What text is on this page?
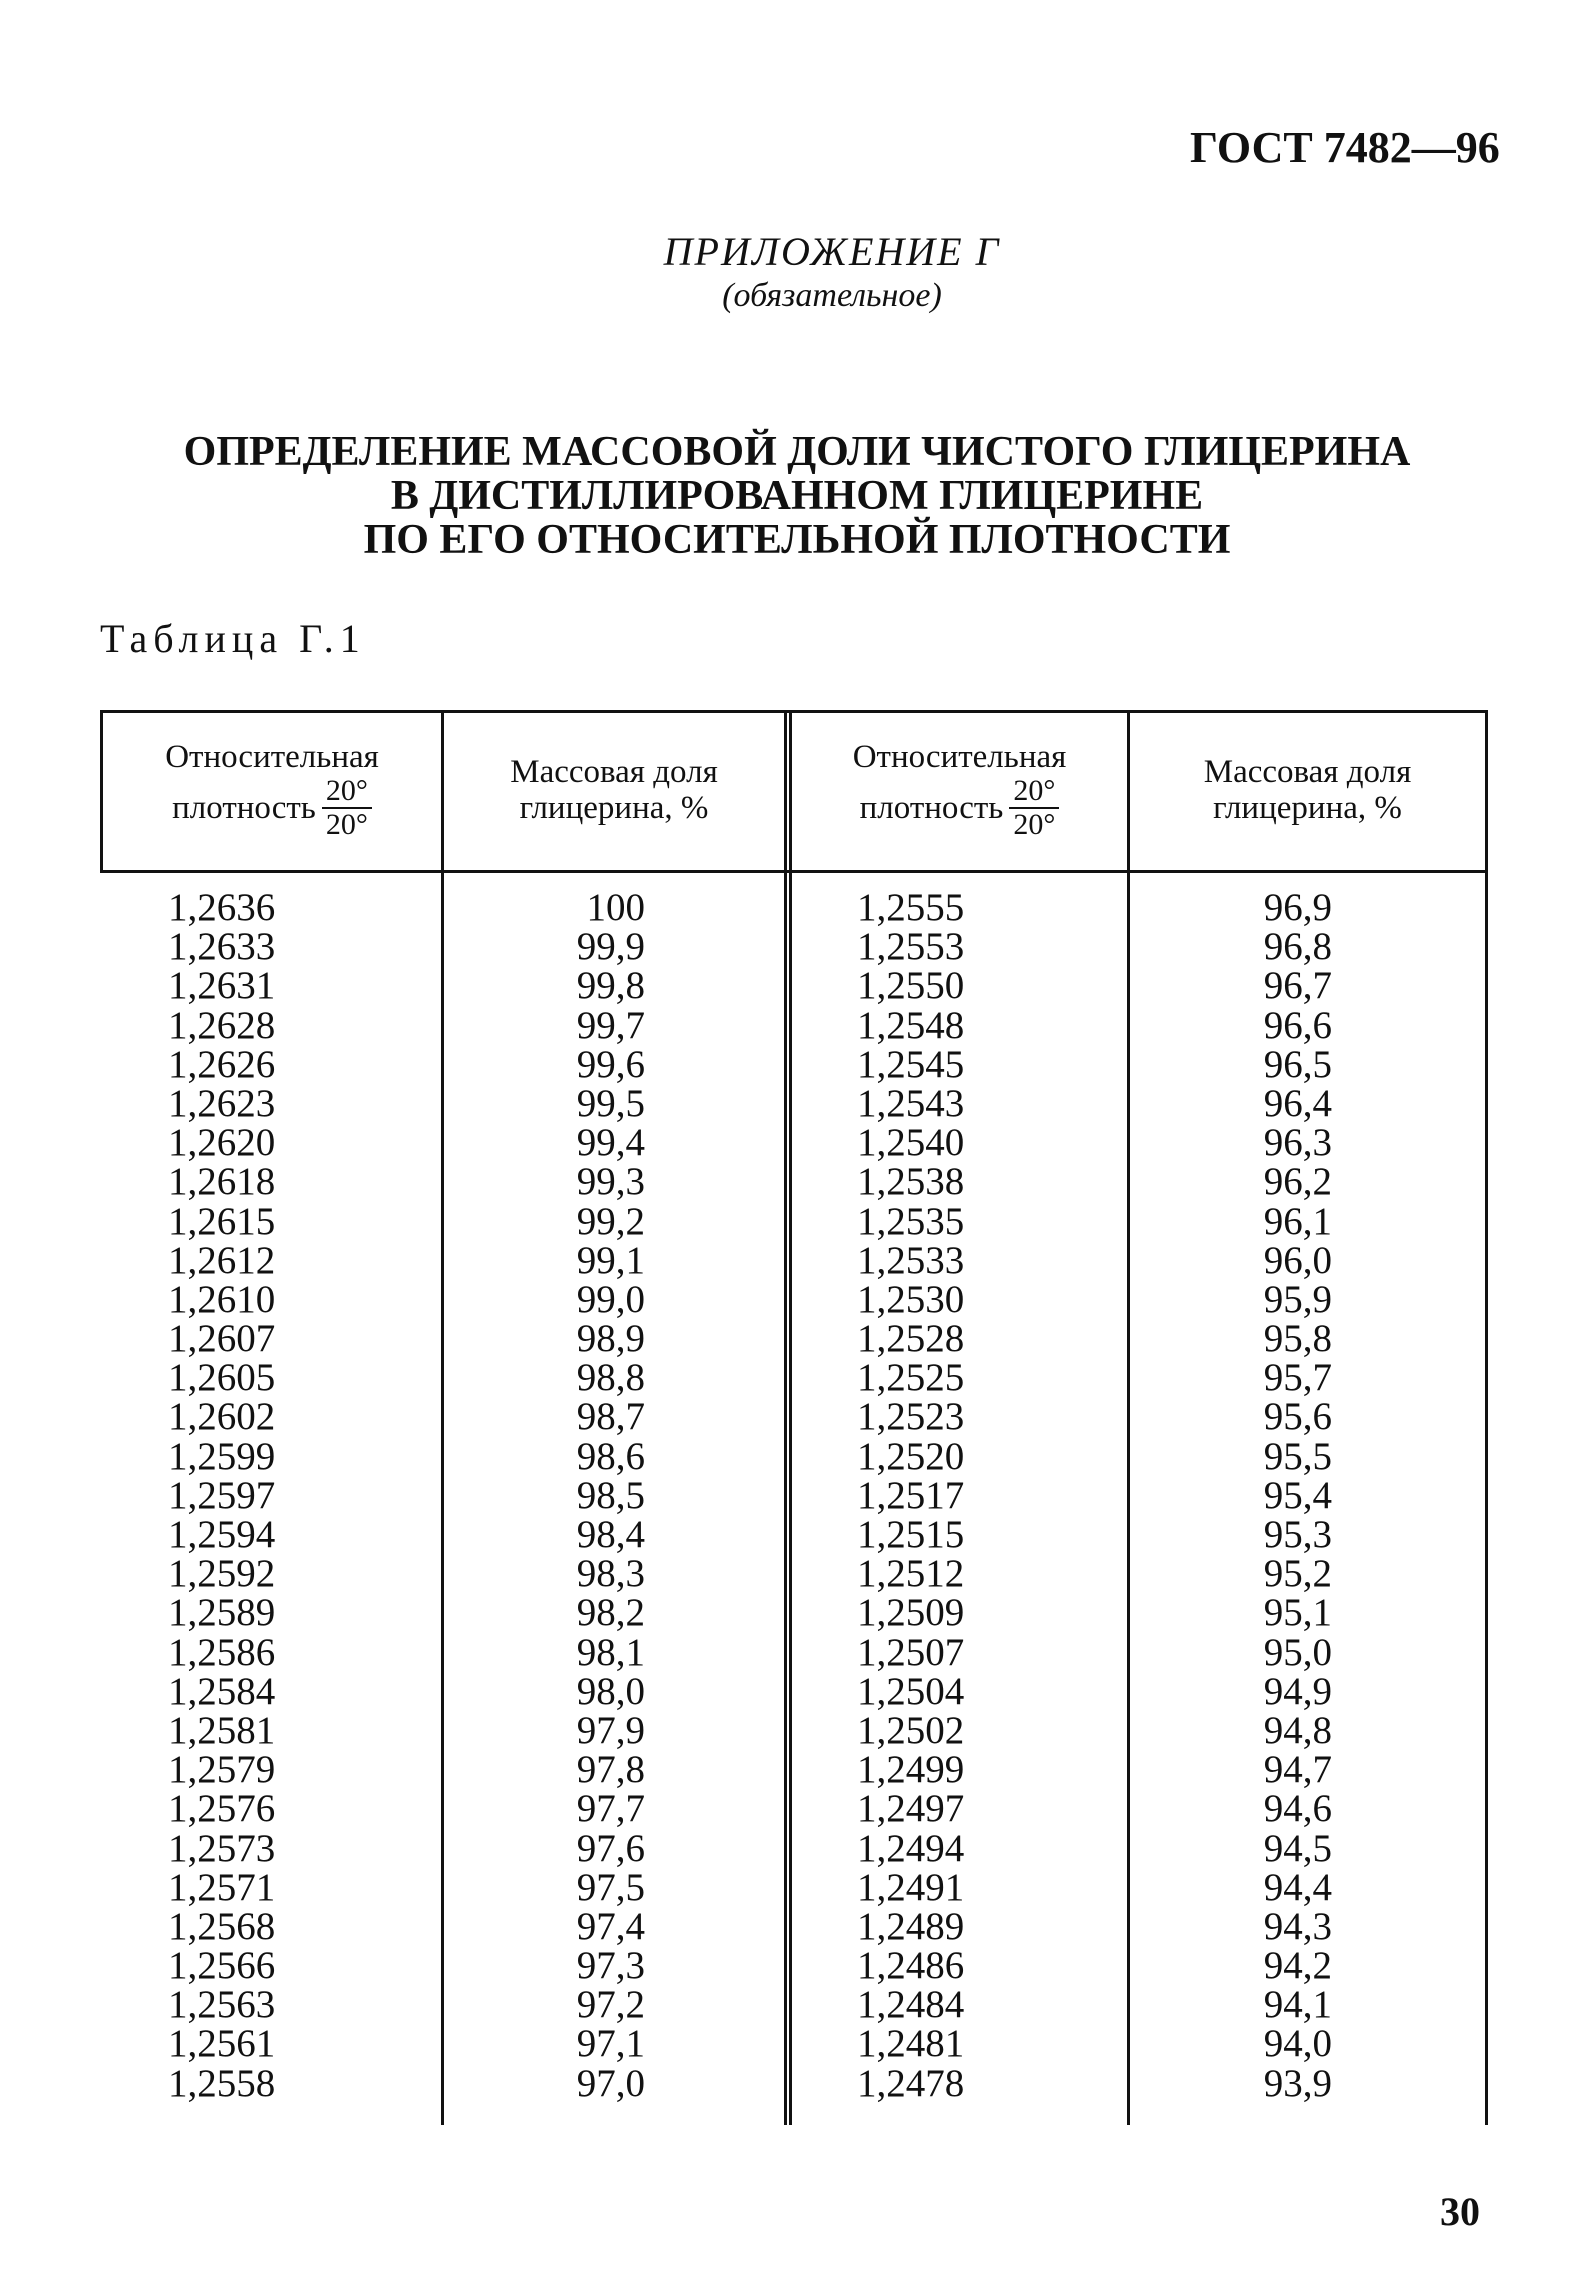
ГОСТ 7482—96
ПРИЛОЖЕНИЕ Г
(обязательное)
ОПРЕДЕЛЕНИЕ МАССОВОЙ ДОЛИ ЧИСТОГО ГЛИЦЕРИНА
В ДИСТИЛЛИРОВАННОМ ГЛИЦЕРИНЕ
ПО ЕГО ОТНОСИТЕЛЬНОЙ ПЛОТНОСТИ
Таблица Г.1
Относительная
плотность $\frac{20^\circ}{20^\circ}$
Массовая доля
глицерина, %
Относительная
плотность $\frac{20^\circ}{20^\circ}$
Массовая доля
глицерина, %
1,2636
1,2633
1,2631
1,2628
1,2626
1,2623
1,2620
1,2618
1,2615
1,2612
1,2610
1,2607
1,2605
1,2602
1,2599
1,2597
1,2594
1,2592
1,2589
1,2586
1,2584
1,2581
1,2579
1,2576
1,2573
1,2571
1,2568
1,2566
1,2563
1,2561
1,2558
100
99,9
99,8
99,7
99,6
99,5
99,4
99,3
99,2
99,1
99,0
98,9
98,8
98,7
98,6
98,5
98,4
98,3
98,2
98,1
98,0
97,9
97,8
97,7
97,6
97,5
97,4
97,3
97,2
97,1
97,0
1,2555
1,2553
1,2550
1,2548
1,2545
1,2543
1,2540
1,2538
1,2535
1,2533
1,2530
1,2528
1,2525
1,2523
1,2520
1,2517
1,2515
1,2512
1,2509
1,2507
1,2504
1,2502
1,2499
1,2497
1,2494
1,2491
1,2489
1,2486
1,2484
1,2481
1,2478
96,9
96,8
96,7
96,6
96,5
96,4
96,3
96,2
96,1
96,0
95,9
95,8
95,7
95,6
95,5
95,4
95,3
95,2
95,1
95,0
94,9
94,8
94,7
94,6
94,5
94,4
94,3
94,2
94,1
94,0
93,9
30
